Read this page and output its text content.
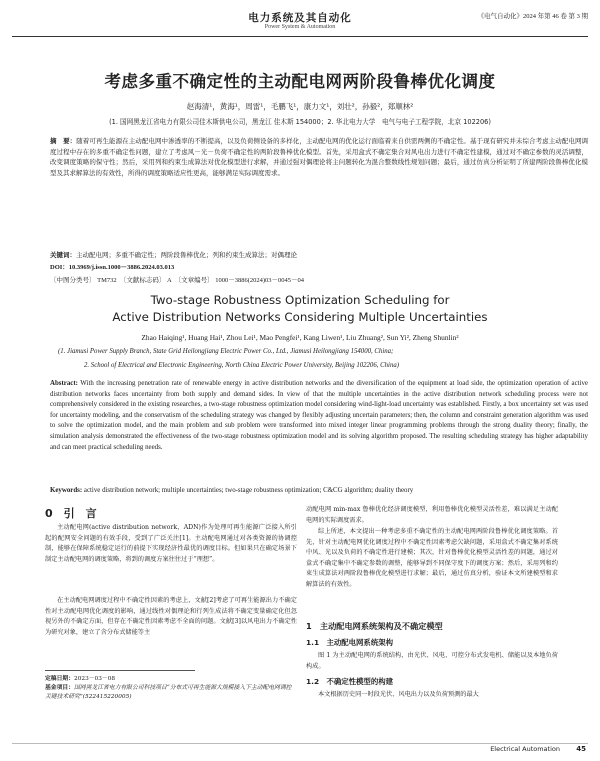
电力系统及其自动化
Power System & Automation
《电气自动化》2024 年第 46 卷 第 3 期
考虑多重不确定性的主动配电网两阶段鲁棒优化调度
赵海清¹，黄海¹，周雷¹，毛鹏飞¹，康力文¹，刘壮²，孙毅²，郑顺林²
(1. 国网黑龙江省电力有限公司佳木斯供电公司，黑龙江 佳木斯 154000；2. 华北电力大学　电气与电子工程学院，北京 102206)
摘　要：随着可再生能源在主动配电网中渗透率的不断提高，以及负荷侧设备的多样化，主动配电网的优化运行面临着来自供需两侧的不确定性。基于现有研究并未综合考虑主动配电网调度过程中存在的多重不确定性问题，建立了考虑风－光－负荷不确定性的两阶段鲁棒优化模型。首先，采用盒式不确定集合对风电出力进行不确定性建模，通过对不确定参数的灵活调整，改变调度策略的保守性；然后，采用列和约束生成算法对优化模型进行求解，并通过强对偶理论将主问题转化为混合整数线性规划问题；最后，通过仿真分析证明了所建两阶段鲁棒优化模型及其求解算法的有效性，所得的调度策略适应性更高，能够满足实际调度需求。
关键词：主动配电网；多重不确定性；两阶段鲁棒优化；列和约束生成算法；对偶理论
DOI：10.3969/j.issn.1000－3886.2024.03.013
〔中图分类号〕 TM732　〔文献标志码〕 A　〔文章编号〕 1000－3886(2024)03－0045－04
Two-stage Robustness Optimization Scheduling for
Active Distribution Networks Considering Multiple Uncertainties
Zhao Haiqing¹, Huang Hai¹, Zhou Lei¹, Mao Pengfei¹, Kang Liwen¹, Liu Zhuang², Sun Yi², Zheng Shunlin²
(1. Jiamusi Power Supply Branch, State Grid Heilongjiang Electric Power Co., Ltd., Jiamusi Heilongjiang 154000, China;
2. School of Electrical and Electronic Engineering, North China Electric Power University, Beijing 102206, China)
Abstract: With the increasing penetration rate of renewable energy in active distribution networks and the diversification of the equipment at load side, the optimization operation of active distribution networks faces uncertainty from both supply and demand sides. In view of that the multiple uncertainties in the active distribution network scheduling process were not comprehensively considered in the existing researches, a two-stage robustness optimization model considering wind-light-load uncertainty was established. Firstly, a box uncertainty set was used for uncertainty modeling, and the conservatism of the scheduling strategy was changed by flexibly adjusting uncertain parameters; then, the column and constraint generation algorithm was used to solve the optimization model, and the main problem and sub problem were transformed into mixed integer linear programming problems through the strong duality theory; finally, the simulation analysis demonstrated the effectiveness of the two-stage robustness optimization model and its solving algorithm proposed. The resulting scheduling strategy has higher adaptability and can meet practical scheduling needs.
Keywords: active distribution network; multiple uncertainties; two-stage robustness optimization; C&CG algorithm; duality theory
0　引　言
主动配电网(active distribution network，ADN)作为处理可再生能源广泛接入所引起的配网安全问题的有效手段，受到了广泛关注[1]。主动配电网通过对各类资源的协调控制，能够在保障系统稳定运行的前提下实现经济性最优的调度目标。但如果只在确定场景下制定主动配电网的调度策略，将到的调度方案往往过于“理想”。
在主动配电网调度过程中不确定性因素的考虑上，文献[2]考虑了可再生能源出力不确定性对主动配电网优化调度的影响，通过线性对偶理论和行列生成法将不确定变量确定化但忽视另外的不确定方面，但存在不确定性因素考虑不全面的问题。文献[3]以风电出力不确定性为研究对象，建立了含分布式储能等主

定稿日期：2023－03－08

基金项目：国网黑龙江省电力有限公司科技项目“分布式可再生能源大规模接入下主动配电网调控关键技术研究”(522415220005)

动配电网 min-max 鲁棒优化经济调度模型，利用鲁棒优化模型灵活性差，难以满足主动配电网的实际调度需求。
综上所述，本文提出一种考虑多重不确定性的主动配电网两阶段鲁棒优化调度策略。首先，针对主动配电网优化调度过程中不确定性因素考虑欠缺问题，采用盒式不确定集对系统中风、光以及负荷的不确定性进行建模；其次，针对鲁棒优化模型灵活性差的问题，通过对盒式不确定集中不确定参数的调整，能够导到不同保守度下的调度方案；然后，采用列和约束生成算法对两阶段鲁棒优化模型进行求解；最后，通过仿真分析，验证本文所建模型和求解算法的有效性。
1　主动配电网系统架构及不确定模型
1.1　主动配电网系统架构
图 1 为主动配电网的系统结构，由光伏、风电、可控分布式发电机、储能以及本地负荷构成。
1.2　不确定性模型的构建
本文根据历史同一时段光伏、风电出力以及负荷预测的最大
Electrical Automation 45
